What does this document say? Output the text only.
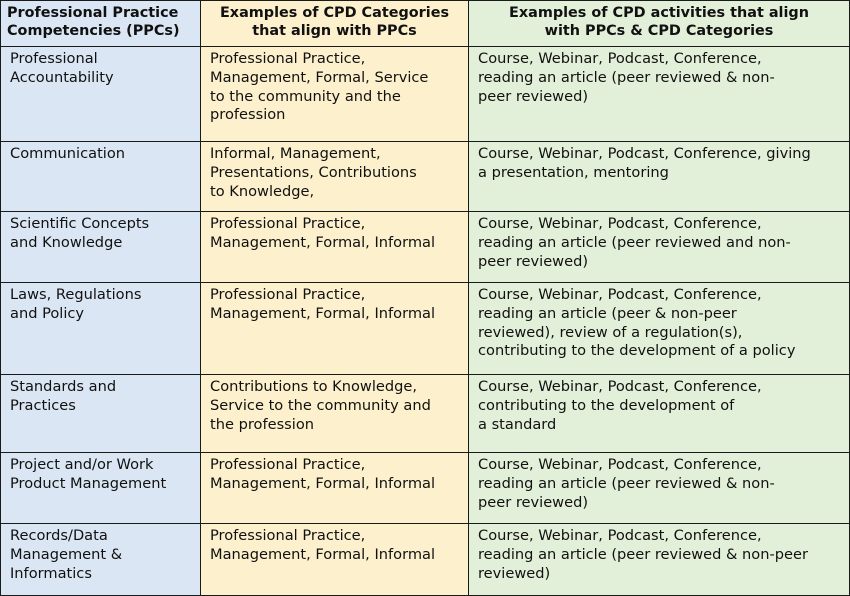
Professional Practice
Competencies (PPCs)	Examples of CPD Categories
that align with PPCs	Examples of CPD activities that align
with PPCs & CPD Categories

Professional
Accountability	Professional Practice,
Management, Formal, Service
to the community and the
profession	Course, Webinar, Podcast, Conference,
reading an article (peer reviewed & non-
peer reviewed)

Communication	Informal, Management,
Presentations, Contributions
to Knowledge,	Course, Webinar, Podcast, Conference, giving
a presentation, mentoring

Scientific Concepts
and Knowledge	Professional Practice,
Management, Formal, Informal	Course, Webinar, Podcast, Conference,
reading an article (peer reviewed and non-
peer reviewed)

Laws, Regulations
and Policy	Professional Practice,
Management, Formal, Informal	Course, Webinar, Podcast, Conference,
reading an article (peer & non-peer
reviewed), review of a regulation(s),
contributing to the development of a policy

Standards and
Practices	Contributions to Knowledge,
Service to the community and
the profession	Course, Webinar, Podcast, Conference,
contributing to the development of
a standard

Project and/or Work
Product Management	Professional Practice,
Management, Formal, Informal	Course, Webinar, Podcast, Conference,
reading an article (peer reviewed & non-
peer reviewed)

Records/Data
Management &
Informatics	Professional Practice,
Management, Formal, Informal	Course, Webinar, Podcast, Conference,
reading an article (peer reviewed & non-peer
reviewed)
